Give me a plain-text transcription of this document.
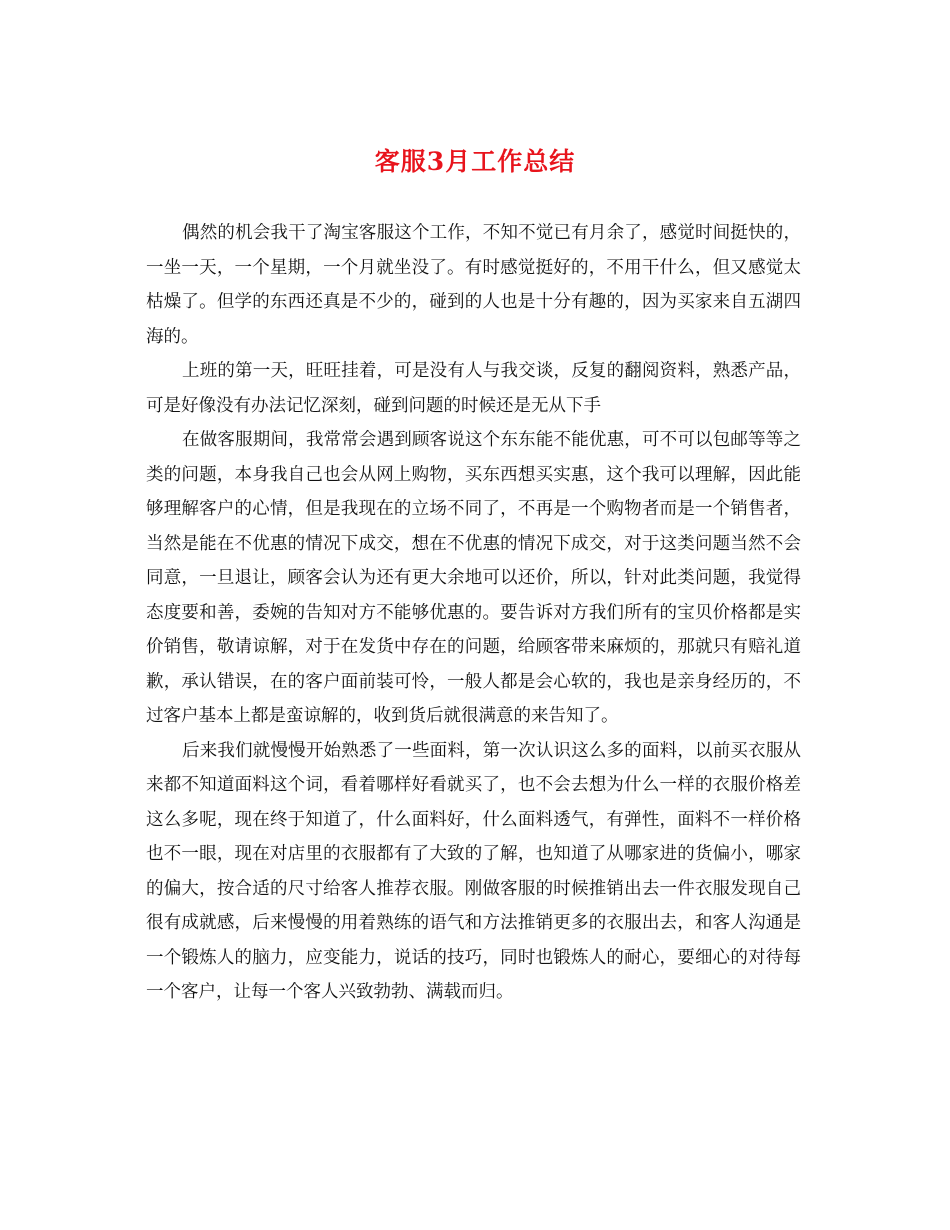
客服3月工作总结

偶然的机会我干了淘宝客服这个工作，不知不觉已有月余了，感觉时间挺快的，一坐一天，一个星期，一个月就坐没了。有时感觉挺好的，不用干什么，但又感觉太枯燥了。但学的东西还真是不少的，碰到的人也是十分有趣的，因为买家来自五湖四海的。

上班的第一天，旺旺挂着，可是没有人与我交谈，反复的翻阅资料，熟悉产品，可是好像没有办法记忆深刻，碰到问题的时候还是无从下手

在做客服期间，我常常会遇到顾客说这个东东能不能优惠，可不可以包邮等等之类的问题，本身我自己也会从网上购物，买东西想买实惠，这个我可以理解，因此能够理解客户的心情，但是我现在的立场不同了，不再是一个购物者而是一个销售者，当然是能在不优惠的情况下成交，想在不优惠的情况下成交，对于这类问题当然不会同意，一旦退让，顾客会认为还有更大余地可以还价，所以，针对此类问题，我觉得态度要和善，委婉的告知对方不能够优惠的。要告诉对方我们所有的宝贝价格都是实价销售，敬请谅解，对于在发货中存在的问题，给顾客带来麻烦的，那就只有赔礼道歉，承认错误，在的客户面前装可怜，一般人都是会心软的，我也是亲身经历的，不过客户基本上都是蛮谅解的，收到货后就很满意的来告知了。

后来我们就慢慢开始熟悉了一些面料，第一次认识这么多的面料，以前买衣服从来都不知道面料这个词，看着哪样好看就买了，也不会去想为什么一样的衣服价格差这么多呢，现在终于知道了，什么面料好，什么面料透气，有弹性，面料不一样价格也不一眼，现在对店里的衣服都有了大致的了解，也知道了从哪家进的货偏小，哪家的偏大，按合适的尺寸给客人推荐衣服。刚做客服的时候推销出去一件衣服发现自己很有成就感，后来慢慢的用着熟练的语气和方法推销更多的衣服出去，和客人沟通是一个锻炼人的脑力，应变能力，说话的技巧，同时也锻炼人的耐心，要细心的对待每一个客户，让每一个客人兴致勃勃、满载而归。
